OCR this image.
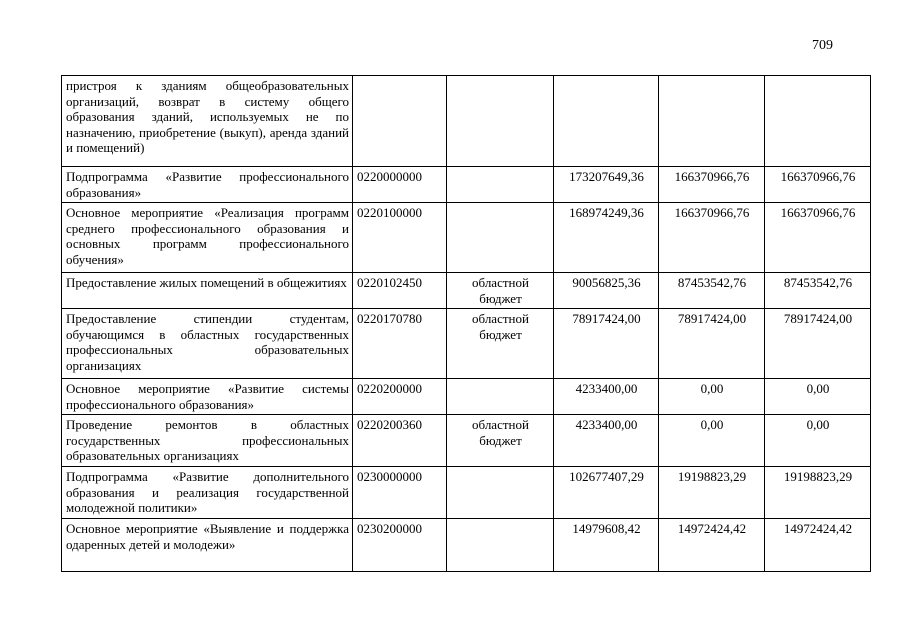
709
пристроя к зданиям общеобразовательных организаций, возврат в систему общего образования зданий, используемых не по назначению, приобретение (выкуп), аренда зданий и помещений)					
Подпрограмма «Развитие профессионального образования»	0220000000		173207649,36	166370966,76	166370966,76
Основное мероприятие «Реализация программ среднего профессионального образования и основных программ профессионального обучения»	0220100000		168974249,36	166370966,76	166370966,76
Предоставление жилых помещений в общежитиях	0220102450	областной бюджет	90056825,36	87453542,76	87453542,76
Предоставление стипендии студентам, обучающимся в областных государственных профессиональных образовательных организациях	0220170780	областной бюджет	78917424,00	78917424,00	78917424,00
Основное мероприятие «Развитие системы профессионального образования»	0220200000		4233400,00	0,00	0,00
Проведение ремонтов в областных государственных профессиональных образовательных организациях	0220200360	областной бюджет	4233400,00	0,00	0,00
Подпрограмма «Развитие дополнительного образования и реализация государственной молодежной политики»	0230000000		102677407,29	19198823,29	19198823,29
Основное мероприятие «Выявление и поддержка одаренных детей и молодежи»	0230200000		14979608,42	14972424,42	14972424,42
